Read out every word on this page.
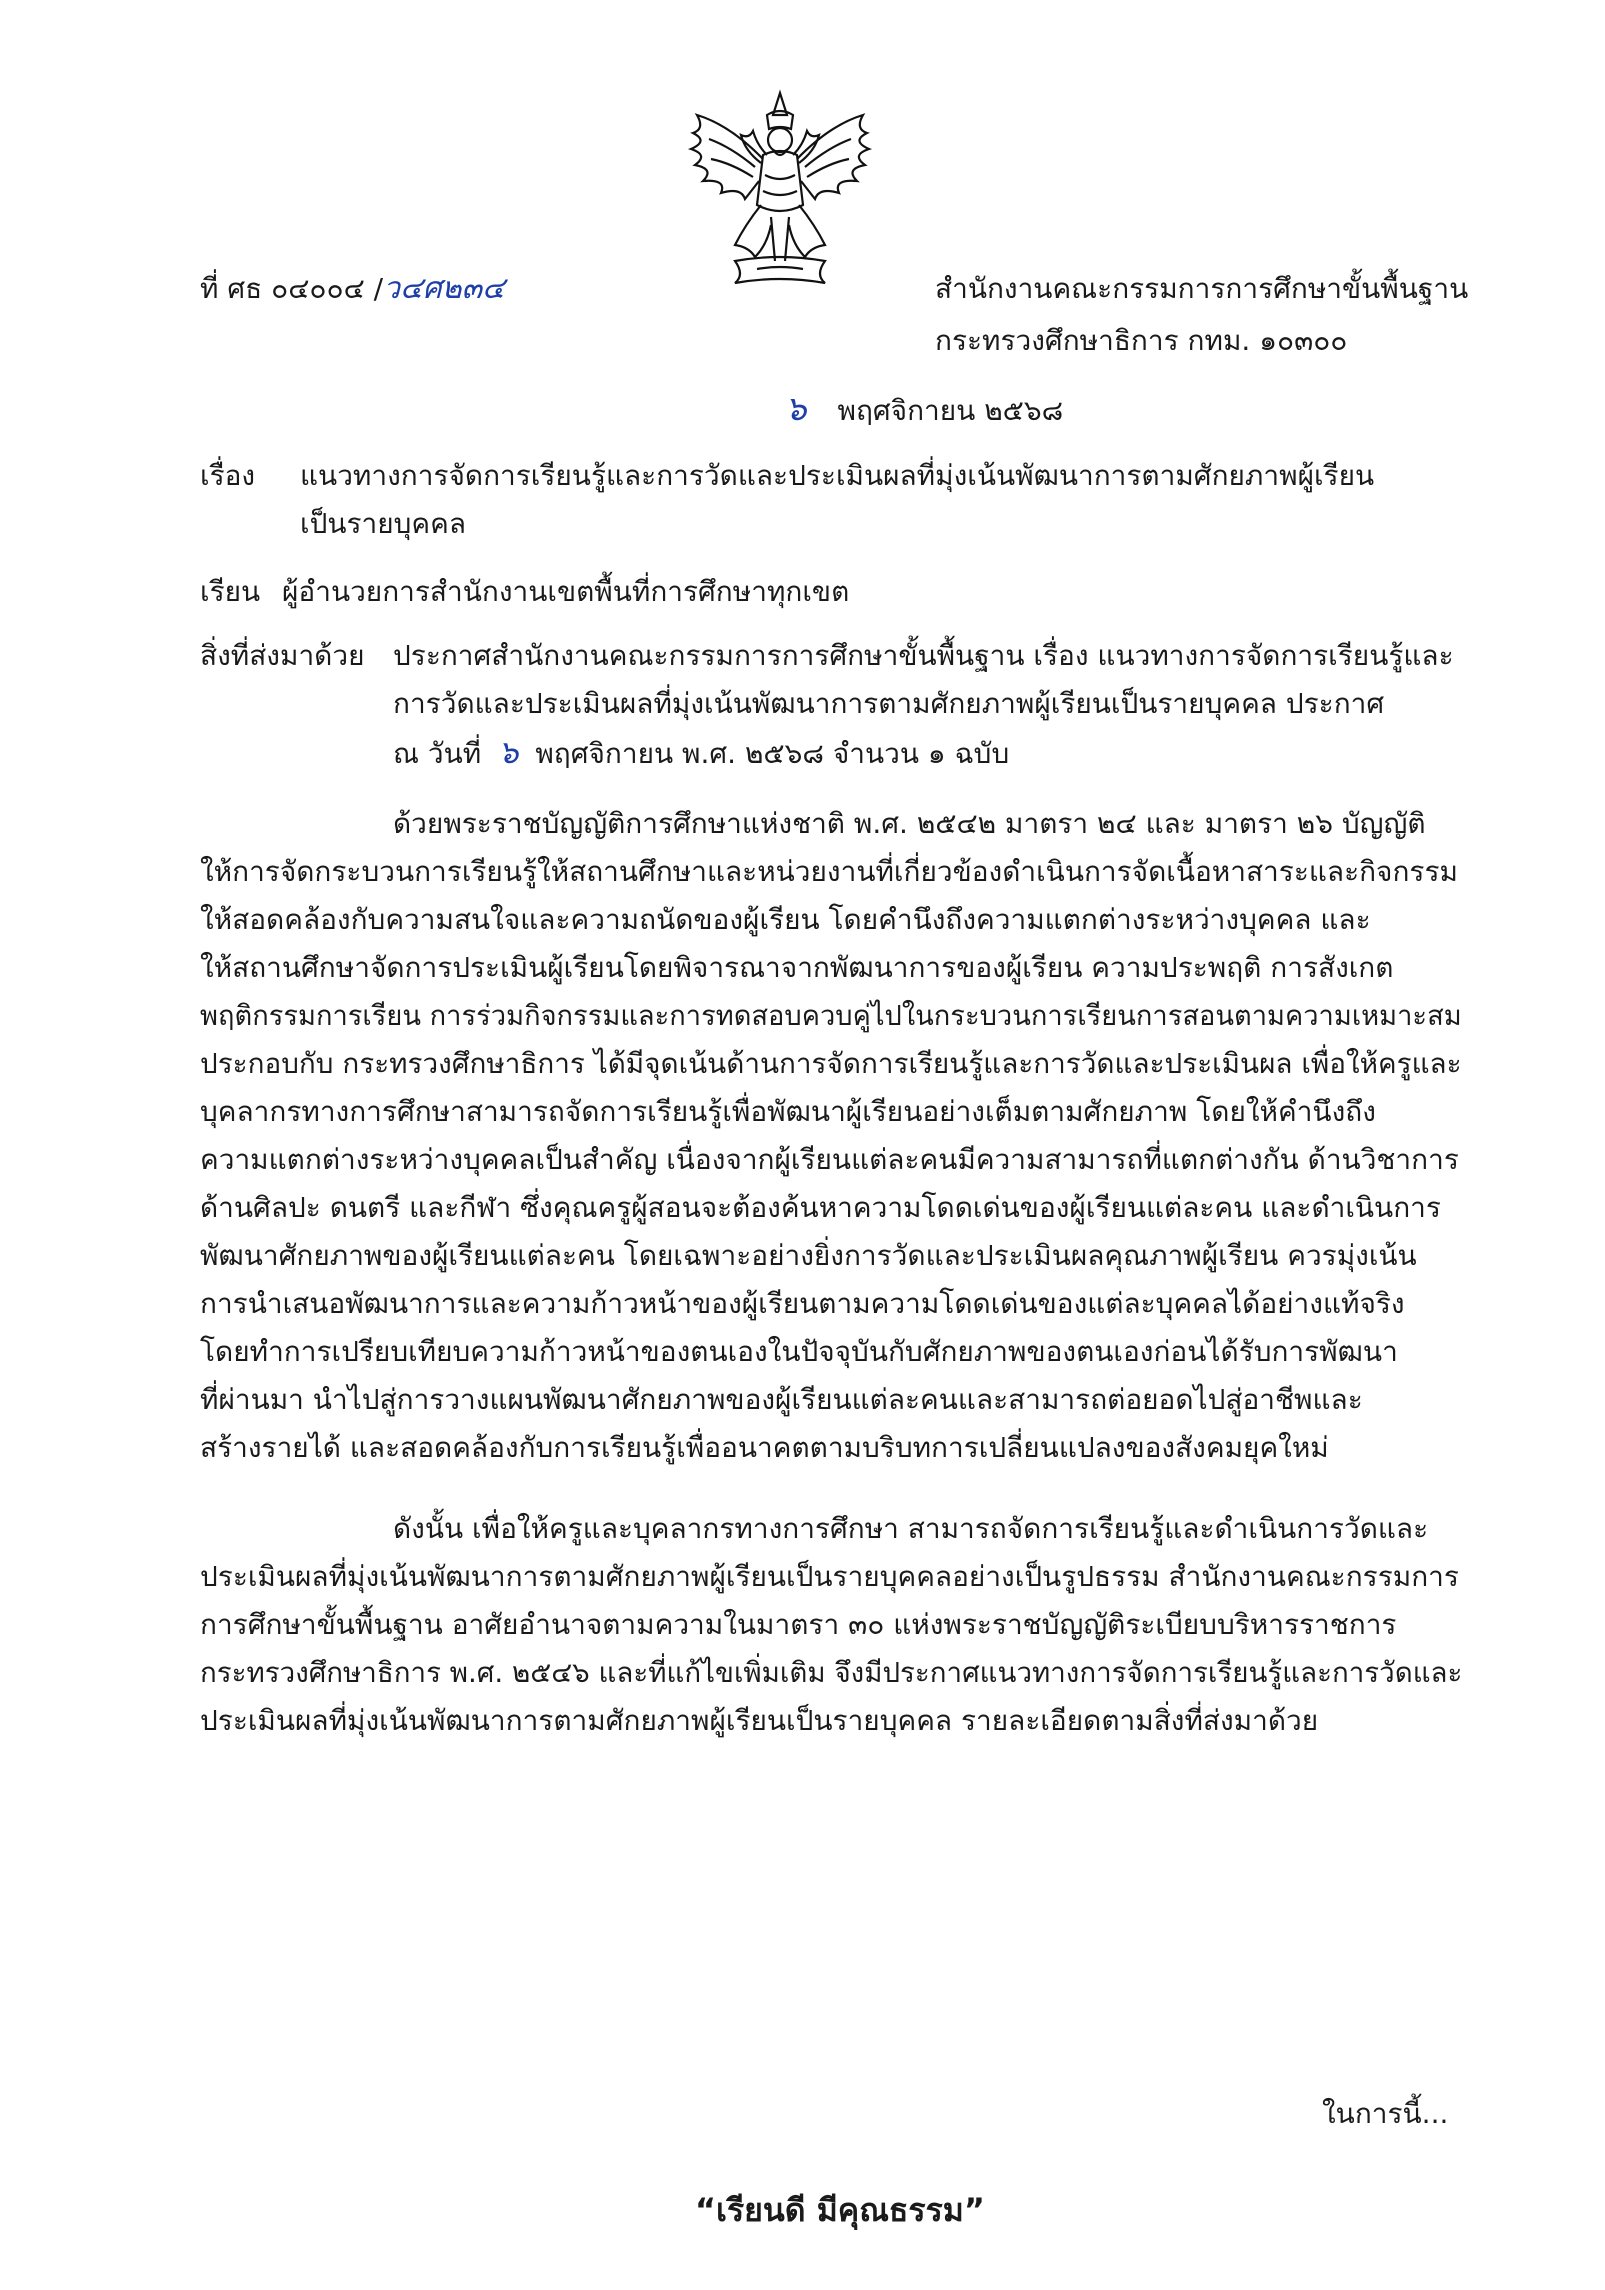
ที่ ศธ ๐๔๐๐๔ /ว๔ศ๒๓๔	สำนักงานคณะกรรมการการศึกษาขั้นพื้นฐาน
กระทรวงศึกษาธิการ กทม. ๑๐๓๐๐
๖ พฤศจิกายน ๒๕๖๘
เรื่อง แนวทางการจัดการเรียนรู้และการวัดและประเมินผลที่มุ่งเน้นพัฒนาการตามศักยภาพผู้เรียน
เป็นรายบุคคล
เรียน ผู้อำนวยการสำนักงานเขตพื้นที่การศึกษาทุกเขต
สิ่งที่ส่งมาด้วย ประกาศสำนักงานคณะกรรมการการศึกษาขั้นพื้นฐาน เรื่อง แนวทางการจัดการเรียนรู้และ
การวัดและประเมินผลที่มุ่งเน้นพัฒนาการตามศักยภาพผู้เรียนเป็นรายบุคคล ประกาศ
ณ วันที่ ๖ พฤศจิกายน พ.ศ. ๒๕๖๘ จำนวน ๑ ฉบับ
ด้วยพระราชบัญญัติการศึกษาแห่งชาติ พ.ศ. ๒๕๔๒ มาตรา ๒๔ และ มาตรา ๒๖ บัญญัติ
ให้การจัดกระบวนการเรียนรู้ให้สถานศึกษาและหน่วยงานที่เกี่ยวข้องดำเนินการจัดเนื้อหาสาระและกิจกรรม
ให้สอดคล้องกับความสนใจและความถนัดของผู้เรียน โดยคำนึงถึงความแตกต่างระหว่างบุคคล และ
ให้สถานศึกษาจัดการประเมินผู้เรียนโดยพิจารณาจากพัฒนาการของผู้เรียน ความประพฤติ การสังเกต
พฤติกรรมการเรียน การร่วมกิจกรรมและการทดสอบควบคู่ไปในกระบวนการเรียนการสอนตามความเหมาะสม
ประกอบกับ กระทรวงศึกษาธิการ ได้มีจุดเน้นด้านการจัดการเรียนรู้และการวัดและประเมินผล เพื่อให้ครูและ
บุคลากรทางการศึกษาสามารถจัดการเรียนรู้เพื่อพัฒนาผู้เรียนอย่างเต็มตามศักยภาพ โดยให้คำนึงถึง
ความแตกต่างระหว่างบุคคลเป็นสำคัญ เนื่องจากผู้เรียนแต่ละคนมีความสามารถที่แตกต่างกัน ด้านวิชาการ
ด้านศิลปะ ดนตรี และกีฬา ซึ่งคุณครูผู้สอนจะต้องค้นหาความโดดเด่นของผู้เรียนแต่ละคน และดำเนินการ
พัฒนาศักยภาพของผู้เรียนแต่ละคน โดยเฉพาะอย่างยิ่งการวัดและประเมินผลคุณภาพผู้เรียน ควรมุ่งเน้น
การนำเสนอพัฒนาการและความก้าวหน้าของผู้เรียนตามความโดดเด่นของแต่ละบุคคลได้อย่างแท้จริง
โดยทำการเปรียบเทียบความก้าวหน้าของตนเองในปัจจุบันกับศักยภาพของตนเองก่อนได้รับการพัฒนา
ที่ผ่านมา นำไปสู่การวางแผนพัฒนาศักยภาพของผู้เรียนแต่ละคนและสามารถต่อยอดไปสู่อาชีพและ
สร้างรายได้ และสอดคล้องกับการเรียนรู้เพื่ออนาคตตามบริบทการเปลี่ยนแปลงของสังคมยุคใหม่
ดังนั้น เพื่อให้ครูและบุคลากรทางการศึกษา สามารถจัดการเรียนรู้และดำเนินการวัดและ
ประเมินผลที่มุ่งเน้นพัฒนาการตามศักยภาพผู้เรียนเป็นรายบุคคลอย่างเป็นรูปธรรม สำนักงานคณะกรรมการ
การศึกษาขั้นพื้นฐาน อาศัยอำนาจตามความในมาตรา ๓๐ แห่งพระราชบัญญัติระเบียบบริหารราชการ
กระทรวงศึกษาธิการ พ.ศ. ๒๕๔๖ และที่แก้ไขเพิ่มเติม จึงมีประกาศแนวทางการจัดการเรียนรู้และการวัดและ
ประเมินผลที่มุ่งเน้นพัฒนาการตามศักยภาพผู้เรียนเป็นรายบุคคล รายละเอียดตามสิ่งที่ส่งมาด้วย
ในการนี้...
“เรียนดี มีคุณธรรม”
